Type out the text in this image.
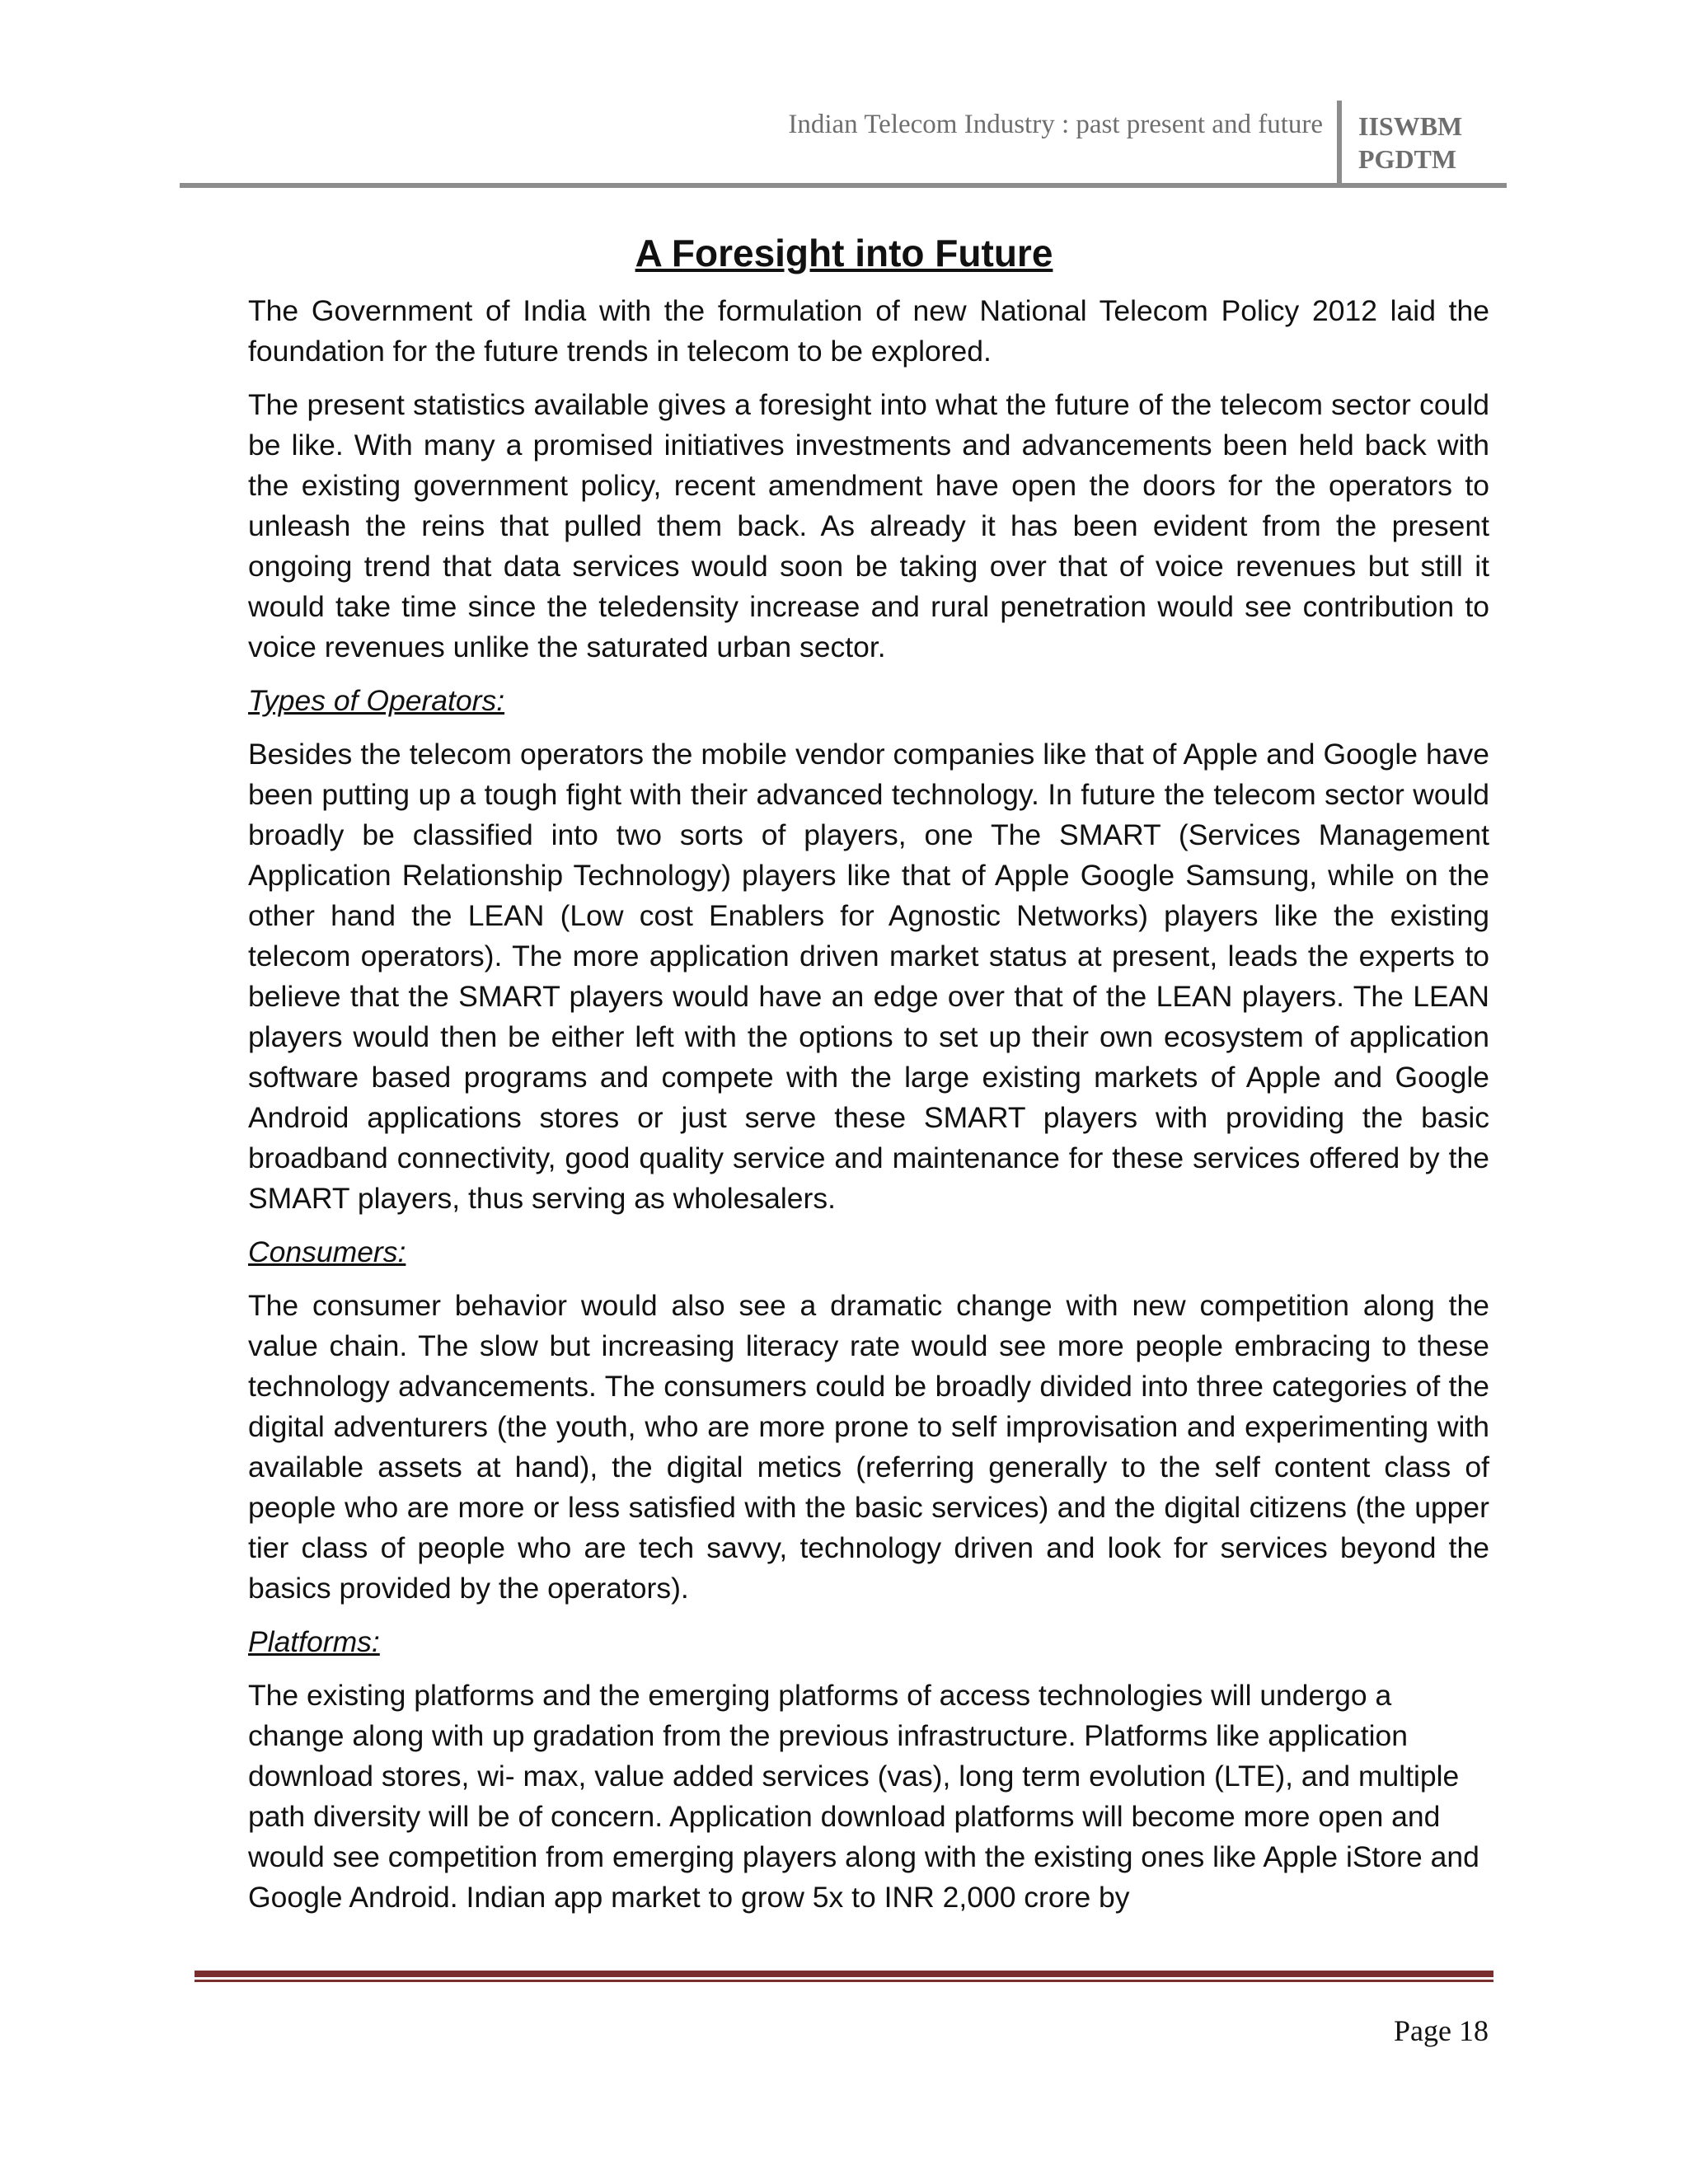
Indian Telecom Industry : past present and future IISWBM
PGDTM
A Foresight into Future

The Government of India with the formulation of new National Telecom Policy 2012 laid the foundation for the future trends in telecom to be explored.

The present statistics available gives a foresight into what the future of the telecom sector could be like. With many a promised initiatives investments and advancements been held back with the existing government policy, recent amendment have open the doors for the operators to unleash the reins that pulled them back. As already it has been evident from the present ongoing trend that data services would soon be taking over that of voice revenues but still it would take time since the teledensity increase and rural penetration would see contribution to voice revenues unlike the saturated urban sector.

Types of Operators:

Besides the telecom operators the mobile vendor companies like that of Apple and Google have been putting up a tough fight with their advanced technology. In future the telecom sector would broadly be classified into two sorts of players, one The SMART (Services Management Application Relationship Technology) players like that of Apple Google Samsung, while on the other hand the LEAN (Low cost Enablers for Agnostic Networks) players like the existing telecom operators). The more application driven market status at present, leads the experts to believe that the SMART players would have an edge over that of the LEAN players. The LEAN players would then be either left with the options to set up their own ecosystem of application software based programs and compete with the large existing markets of Apple and Google Android applications stores or just serve these SMART players with providing the basic broadband connectivity, good quality service and maintenance for these services offered by the SMART players, thus serving as wholesalers.

Consumers:

The consumer behavior would also see a dramatic change with new competition along the value chain. The slow but increasing literacy rate would see more people embracing to these technology advancements. The consumers could be broadly divided into three categories of the digital adventurers (the youth, who are more prone to self improvisation and experimenting with available assets at hand), the digital metics (referring generally to the self content class of people who are more or less satisfied with the basic services) and the digital citizens (the upper tier class of people who are tech savvy, technology driven and look for services beyond the basics provided by the operators).

Platforms:

The existing platforms and the emerging platforms of access technologies will undergo a change along with up gradation from the previous infrastructure. Platforms like application download stores, wi- max, value added services (vas), long term evolution (LTE), and multiple path diversity will be of concern. Application download platforms will become more open and would see competition from emerging players along with the existing ones like Apple iStore and Google Android. Indian app market to grow 5x to INR 2,000 crore by

Page 18
